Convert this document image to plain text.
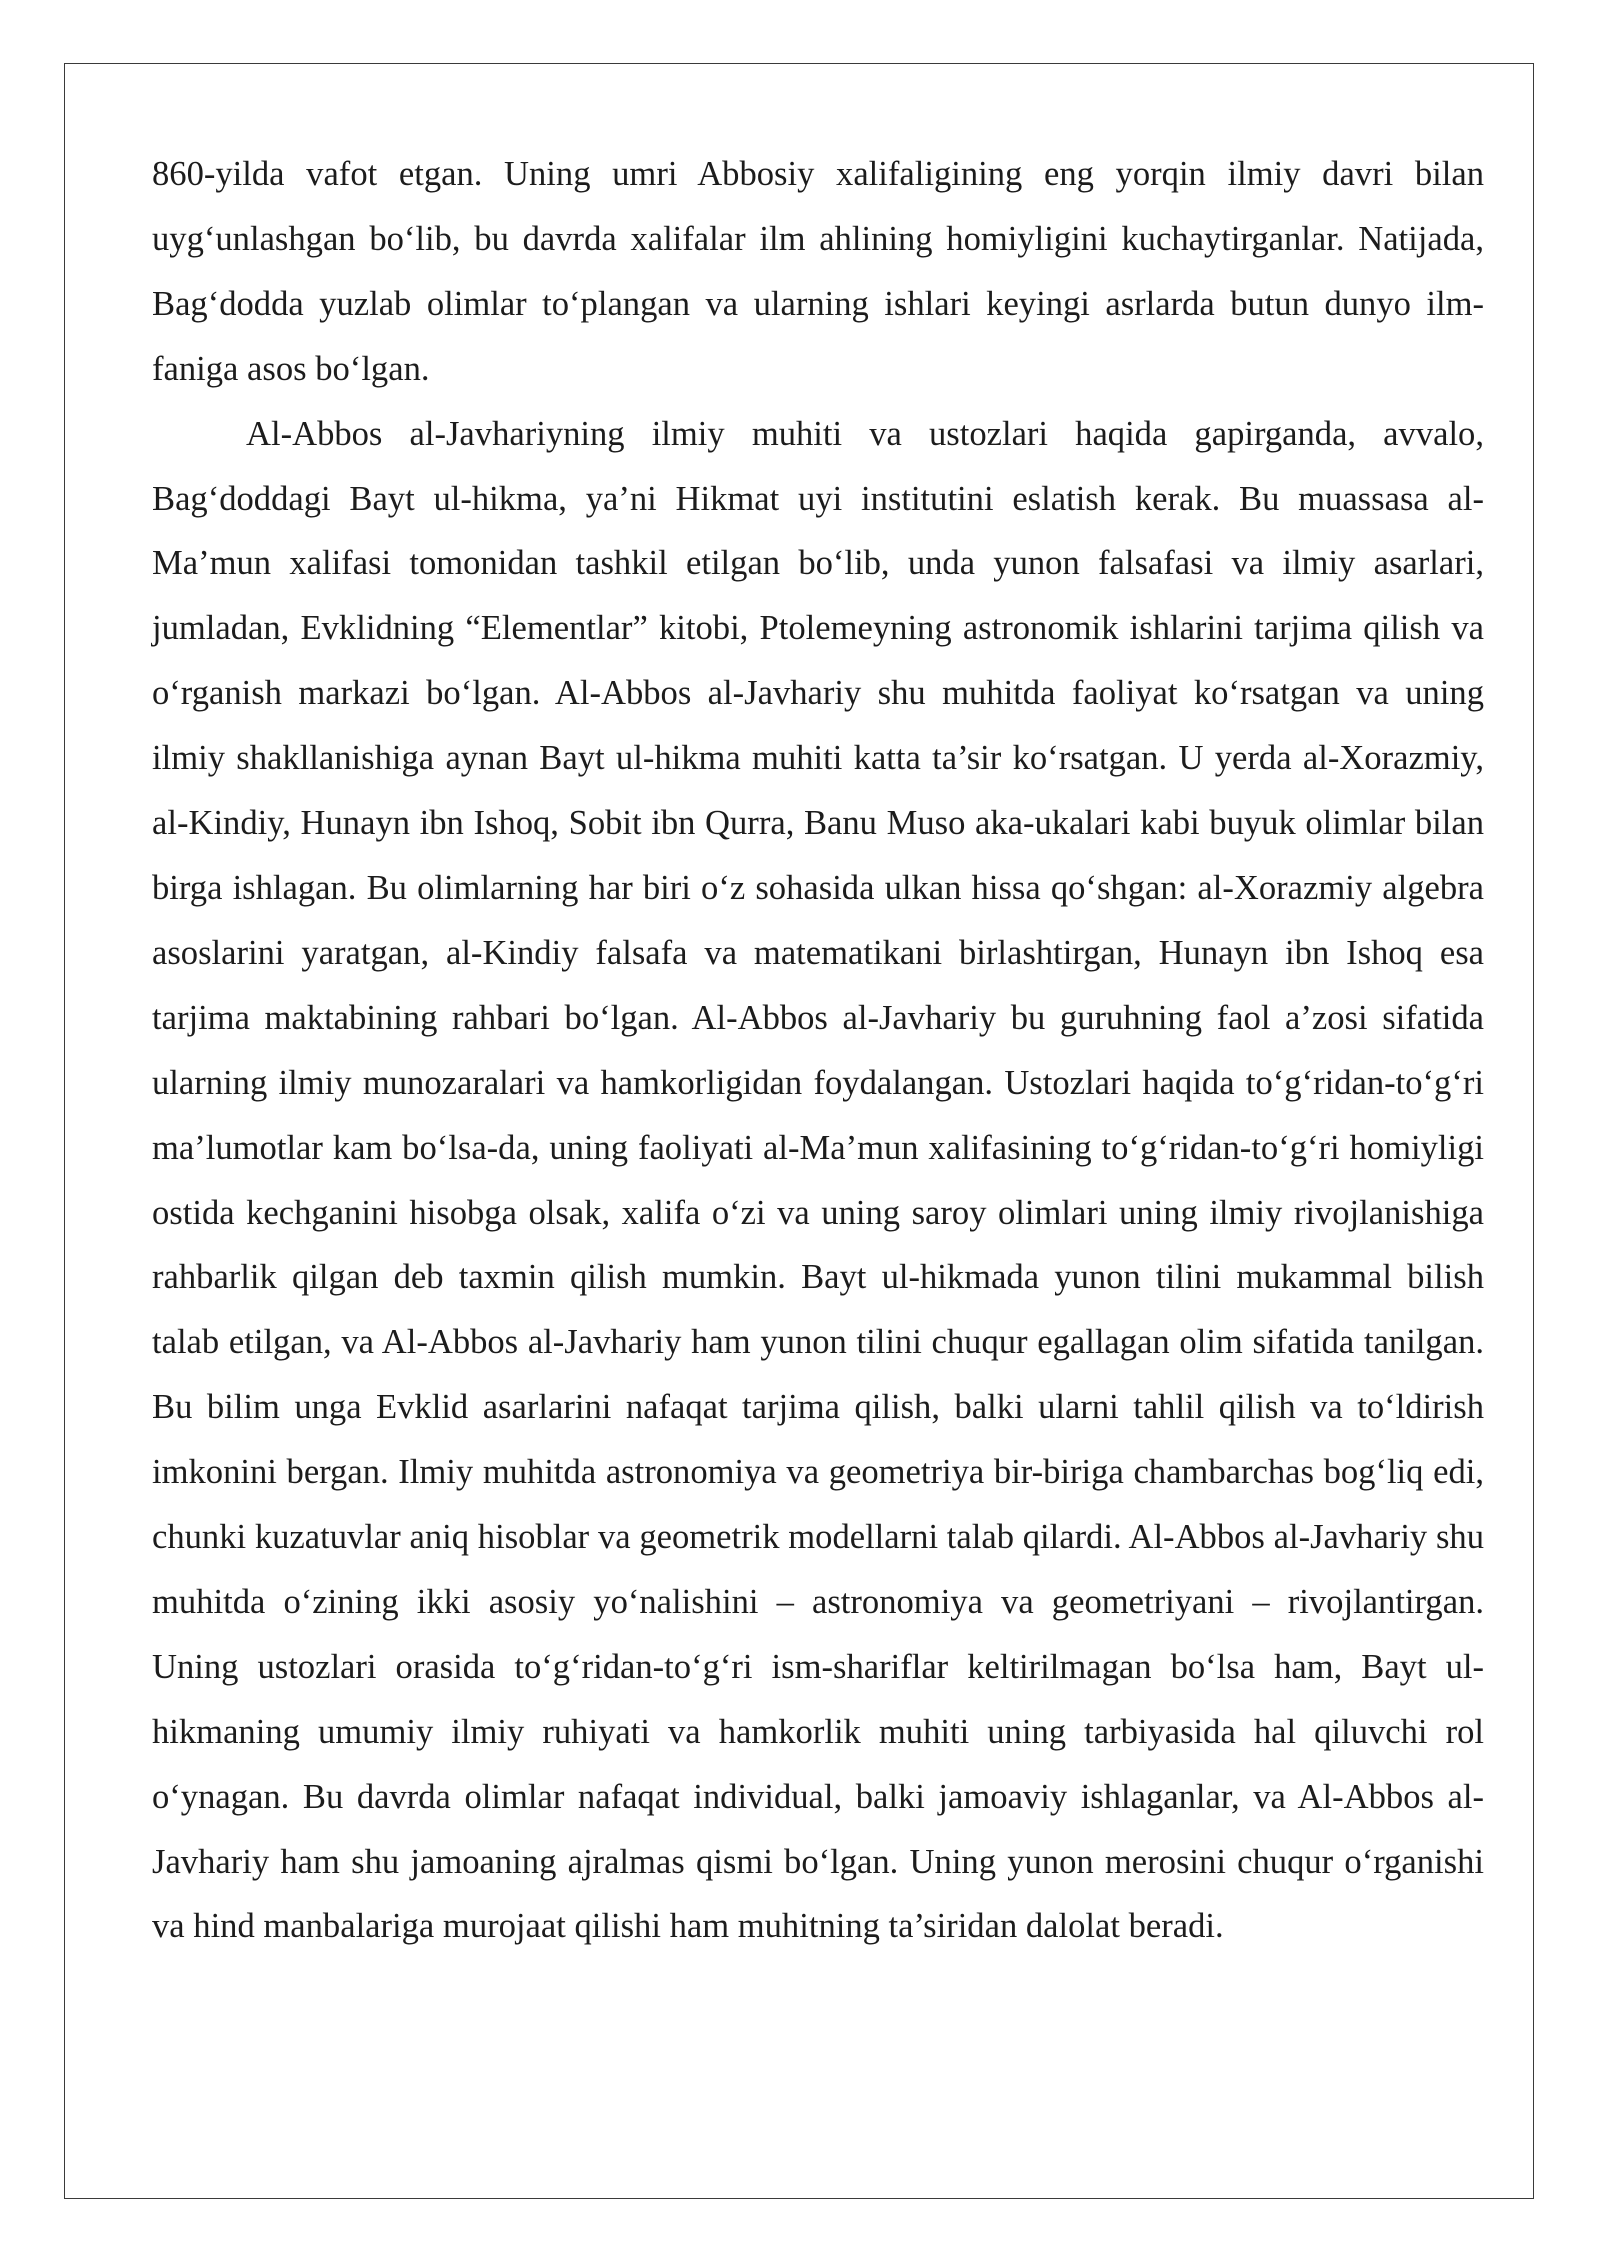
860-yilda vafot etgan. Uning umri Abbosiy xalifaligining eng yorqin ilmiy davri bilan uyg‘unlashgan bo‘lib, bu davrda xalifalar ilm ahlining homiyligini kuchaytirganlar. Natijada, Bag‘dodda yuzlab olimlar to‘plangan va ularning ishlari keyingi asrlarda butun dunyo ilm-faniga asos bo‘lgan.

Al-Abbos al-Javhariyning ilmiy muhiti va ustozlari haqida gapirganda, avvalo, Bag‘doddagi Bayt ul-hikma, ya’ni Hikmat uyi institutini eslatish kerak. Bu muassasa al-Ma’mun xalifasi tomonidan tashkil etilgan bo‘lib, unda yunon falsafasi va ilmiy asarlari, jumladan, Evklidning “Elementlar” kitobi, Ptolemeyning astronomik ishlarini tarjima qilish va o‘rganish markazi bo‘lgan. Al-Abbos al-Javhariy shu muhitda faoliyat ko‘rsatgan va uning ilmiy shakllanishiga aynan Bayt ul-hikma muhiti katta ta’sir ko‘rsatgan. U yerda al-Xorazmiy, al-Kindiy, Hunayn ibn Ishoq, Sobit ibn Qurra, Banu Muso aka-ukalari kabi buyuk olimlar bilan birga ishlagan. Bu olimlarning har biri o‘z sohasida ulkan hissa qo‘shgan: al-Xorazmiy algebra asoslarini yaratgan, al-Kindiy falsafa va matematikani birlashtirgan, Hunayn ibn Ishoq esa tarjima maktabining rahbari bo‘lgan. Al-Abbos al-Javhariy bu guruhning faol a’zosi sifatida ularning ilmiy munozaralari va hamkorligidan foydalangan. Ustozlari haqida to‘g‘ridan-to‘g‘ri ma’lumotlar kam bo‘lsa-da, uning faoliyati al-Ma’mun xalifasining to‘g‘ridan-to‘g‘ri homiyligi ostida kechganini hisobga olsak, xalifa o‘zi va uning saroy olimlari uning ilmiy rivojlanishiga rahbarlik qilgan deb taxmin qilish mumkin. Bayt ul-hikmada yunon tilini mukammal bilish talab etilgan, va Al-Abbos al-Javhariy ham yunon tilini chuqur egallagan olim sifatida tanilgan. Bu bilim unga Evklid asarlarini nafaqat tarjima qilish, balki ularni tahlil qilish va to‘ldirish imkonini bergan. Ilmiy muhitda astronomiya va geometriya bir-biriga chambarchas bog‘liq edi, chunki kuzatuvlar aniq hisoblar va geometrik modellarni talab qilardi. Al-Abbos al-Javhariy shu muhitda o‘zining ikki asosiy yo‘nalishini – astronomiya va geometriyani – rivojlantirgan. Uning ustozlari orasida to‘g‘ridan-to‘g‘ri ism-shariflar keltirilmagan bo‘lsa ham, Bayt ul-hikmaning umumiy ilmiy ruhiyati va hamkorlik muhiti uning tarbiyasida hal qiluvchi rol o‘ynagan. Bu davrda olimlar nafaqat individual, balki jamoaviy ishlaganlar, va Al-Abbos al-Javhariy ham shu jamoaning ajralmas qismi bo‘lgan. Uning yunon merosini chuqur o‘rganishi va hind manbalariga murojaat qilishi ham muhitning ta’siridan dalolat beradi.
